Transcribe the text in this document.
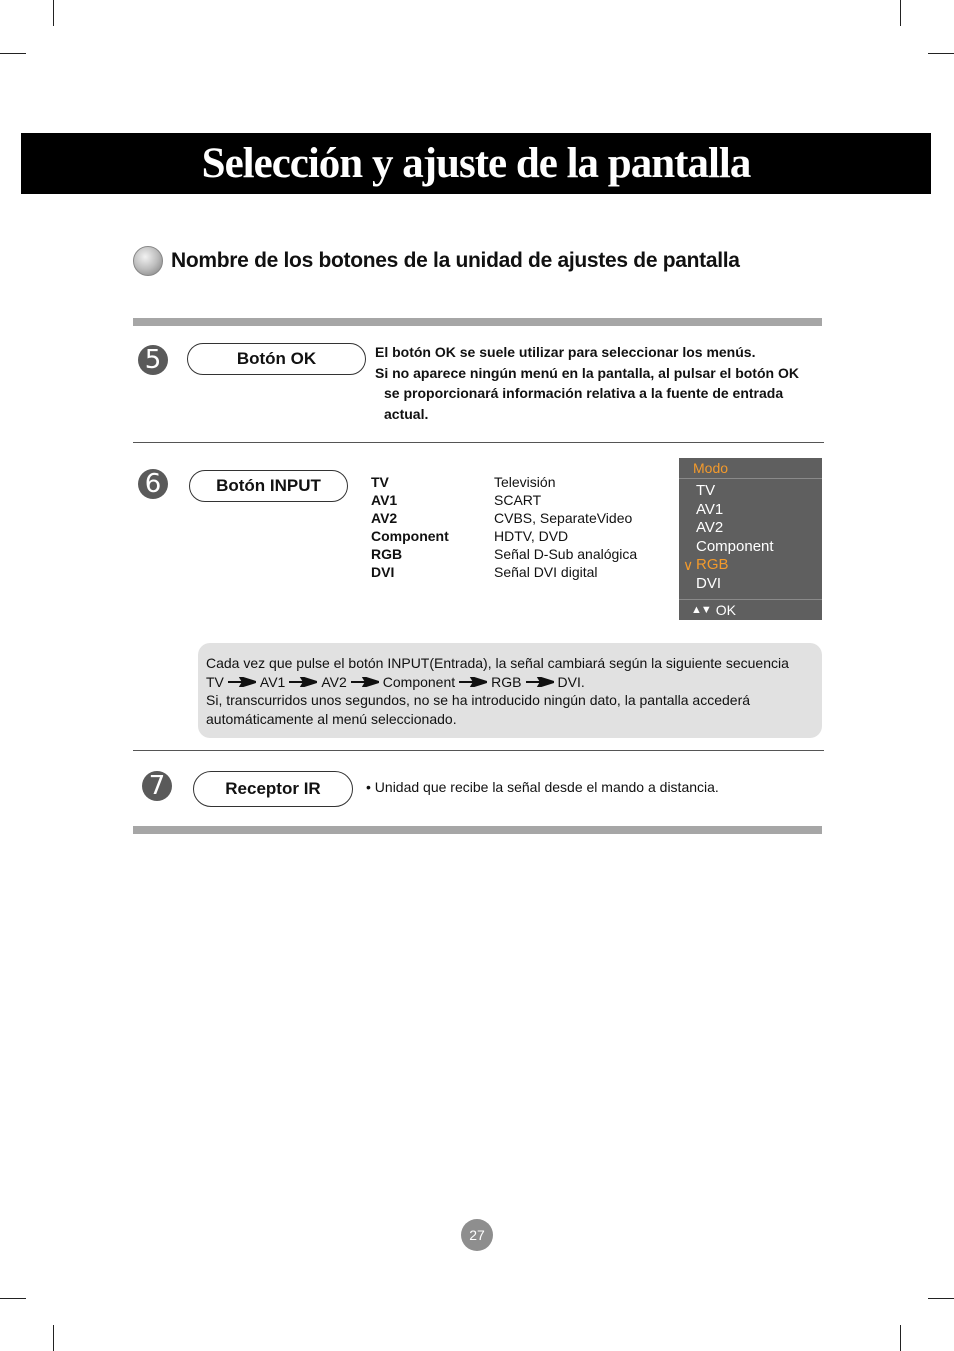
Selección y ajuste de la pantalla
Nombre de los botones de la unidad de ajustes de pantalla
5	Botón OK	El botón OK se suele utilizar para seleccionar los menús.
Si no aparece ningún menú en la pantalla, al pulsar el botón OK
se proporcionará información relativa a la fuente de entrada
actual.
6	Botón INPUT	TV	Televisión
AV1	SCART
AV2	CVBS, SeparateVideo
Component	HDTV, DVD
RGB	Señal D-Sub analógica
DVI	Señal DVI digital
Modo
TV
AV1
AV2
Component
∨ RGB
DVI
▲▼ OK
Cada vez que pulse el botón INPUT(Entrada), la señal cambiará según la siguiente secuencia
TV	AV1	AV2	Component	RGB	DVI.
Si, transcurridos unos segundos, no se ha introducido ningún dato, la pantalla accederá
automáticamente al menú seleccionado.
7	Receptor IR	• Unidad que recibe la señal desde el mando a distancia.
27
